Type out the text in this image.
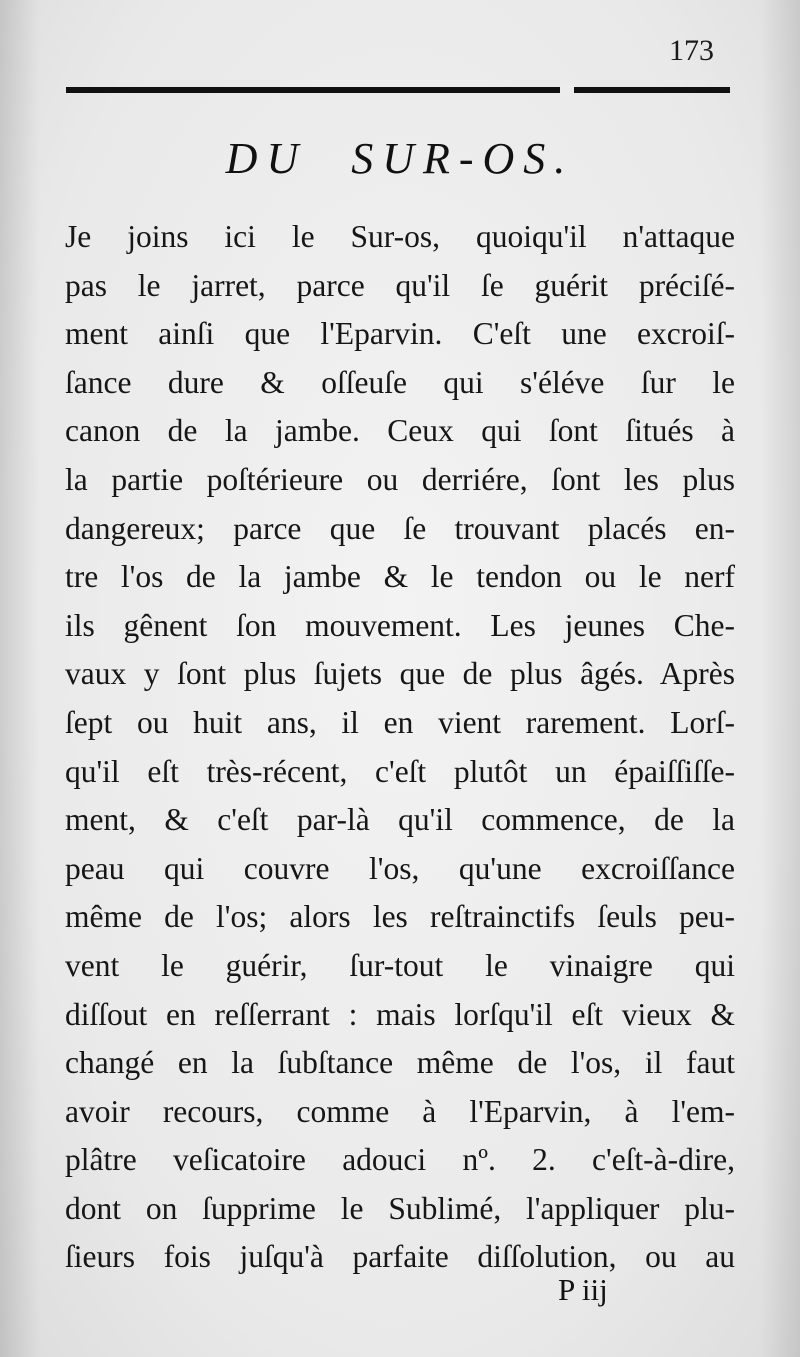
173
DU SUR-OS.
Je joins ici le Sur-os, quoiqu'il n'attaque
pas le jarret, parce qu'il ſe guérit préciſé-
ment ainſi que l'Eparvin. C'eſt une excroiſ-
ſance dure & oſſeuſe qui s'éléve ſur le
canon de la jambe. Ceux qui ſont ſitués à
la partie poſtérieure ou derriére, ſont les plus
dangereux; parce que ſe trouvant placés en-
tre l'os de la jambe & le tendon ou le nerf
ils gênent ſon mouvement. Les jeunes Che-
vaux y ſont plus ſujets que de plus âgés. Après
ſept ou huit ans, il en vient rarement. Lorſ-
qu'il eſt très-récent, c'eſt plutôt un épaiſſiſſe-
ment, & c'eſt par-là qu'il commence, de la
peau qui couvre l'os, qu'une excroiſſance
même de l'os; alors les reſtrainctifs ſeuls peu-
vent le guérir, ſur-tout le vinaigre qui
diſſout en reſſerrant : mais lorſqu'il eſt vieux &
changé en la ſubſtance même de l'os, il faut
avoir recours, comme à l'Eparvin, à l'em-
plâtre veſicatoire adouci nº. 2. c'eſt-à-dire,
dont on ſupprime le Sublimé, l'appliquer plu-
ſieurs fois juſqu'à parfaite diſſolution, ou au
P iij
